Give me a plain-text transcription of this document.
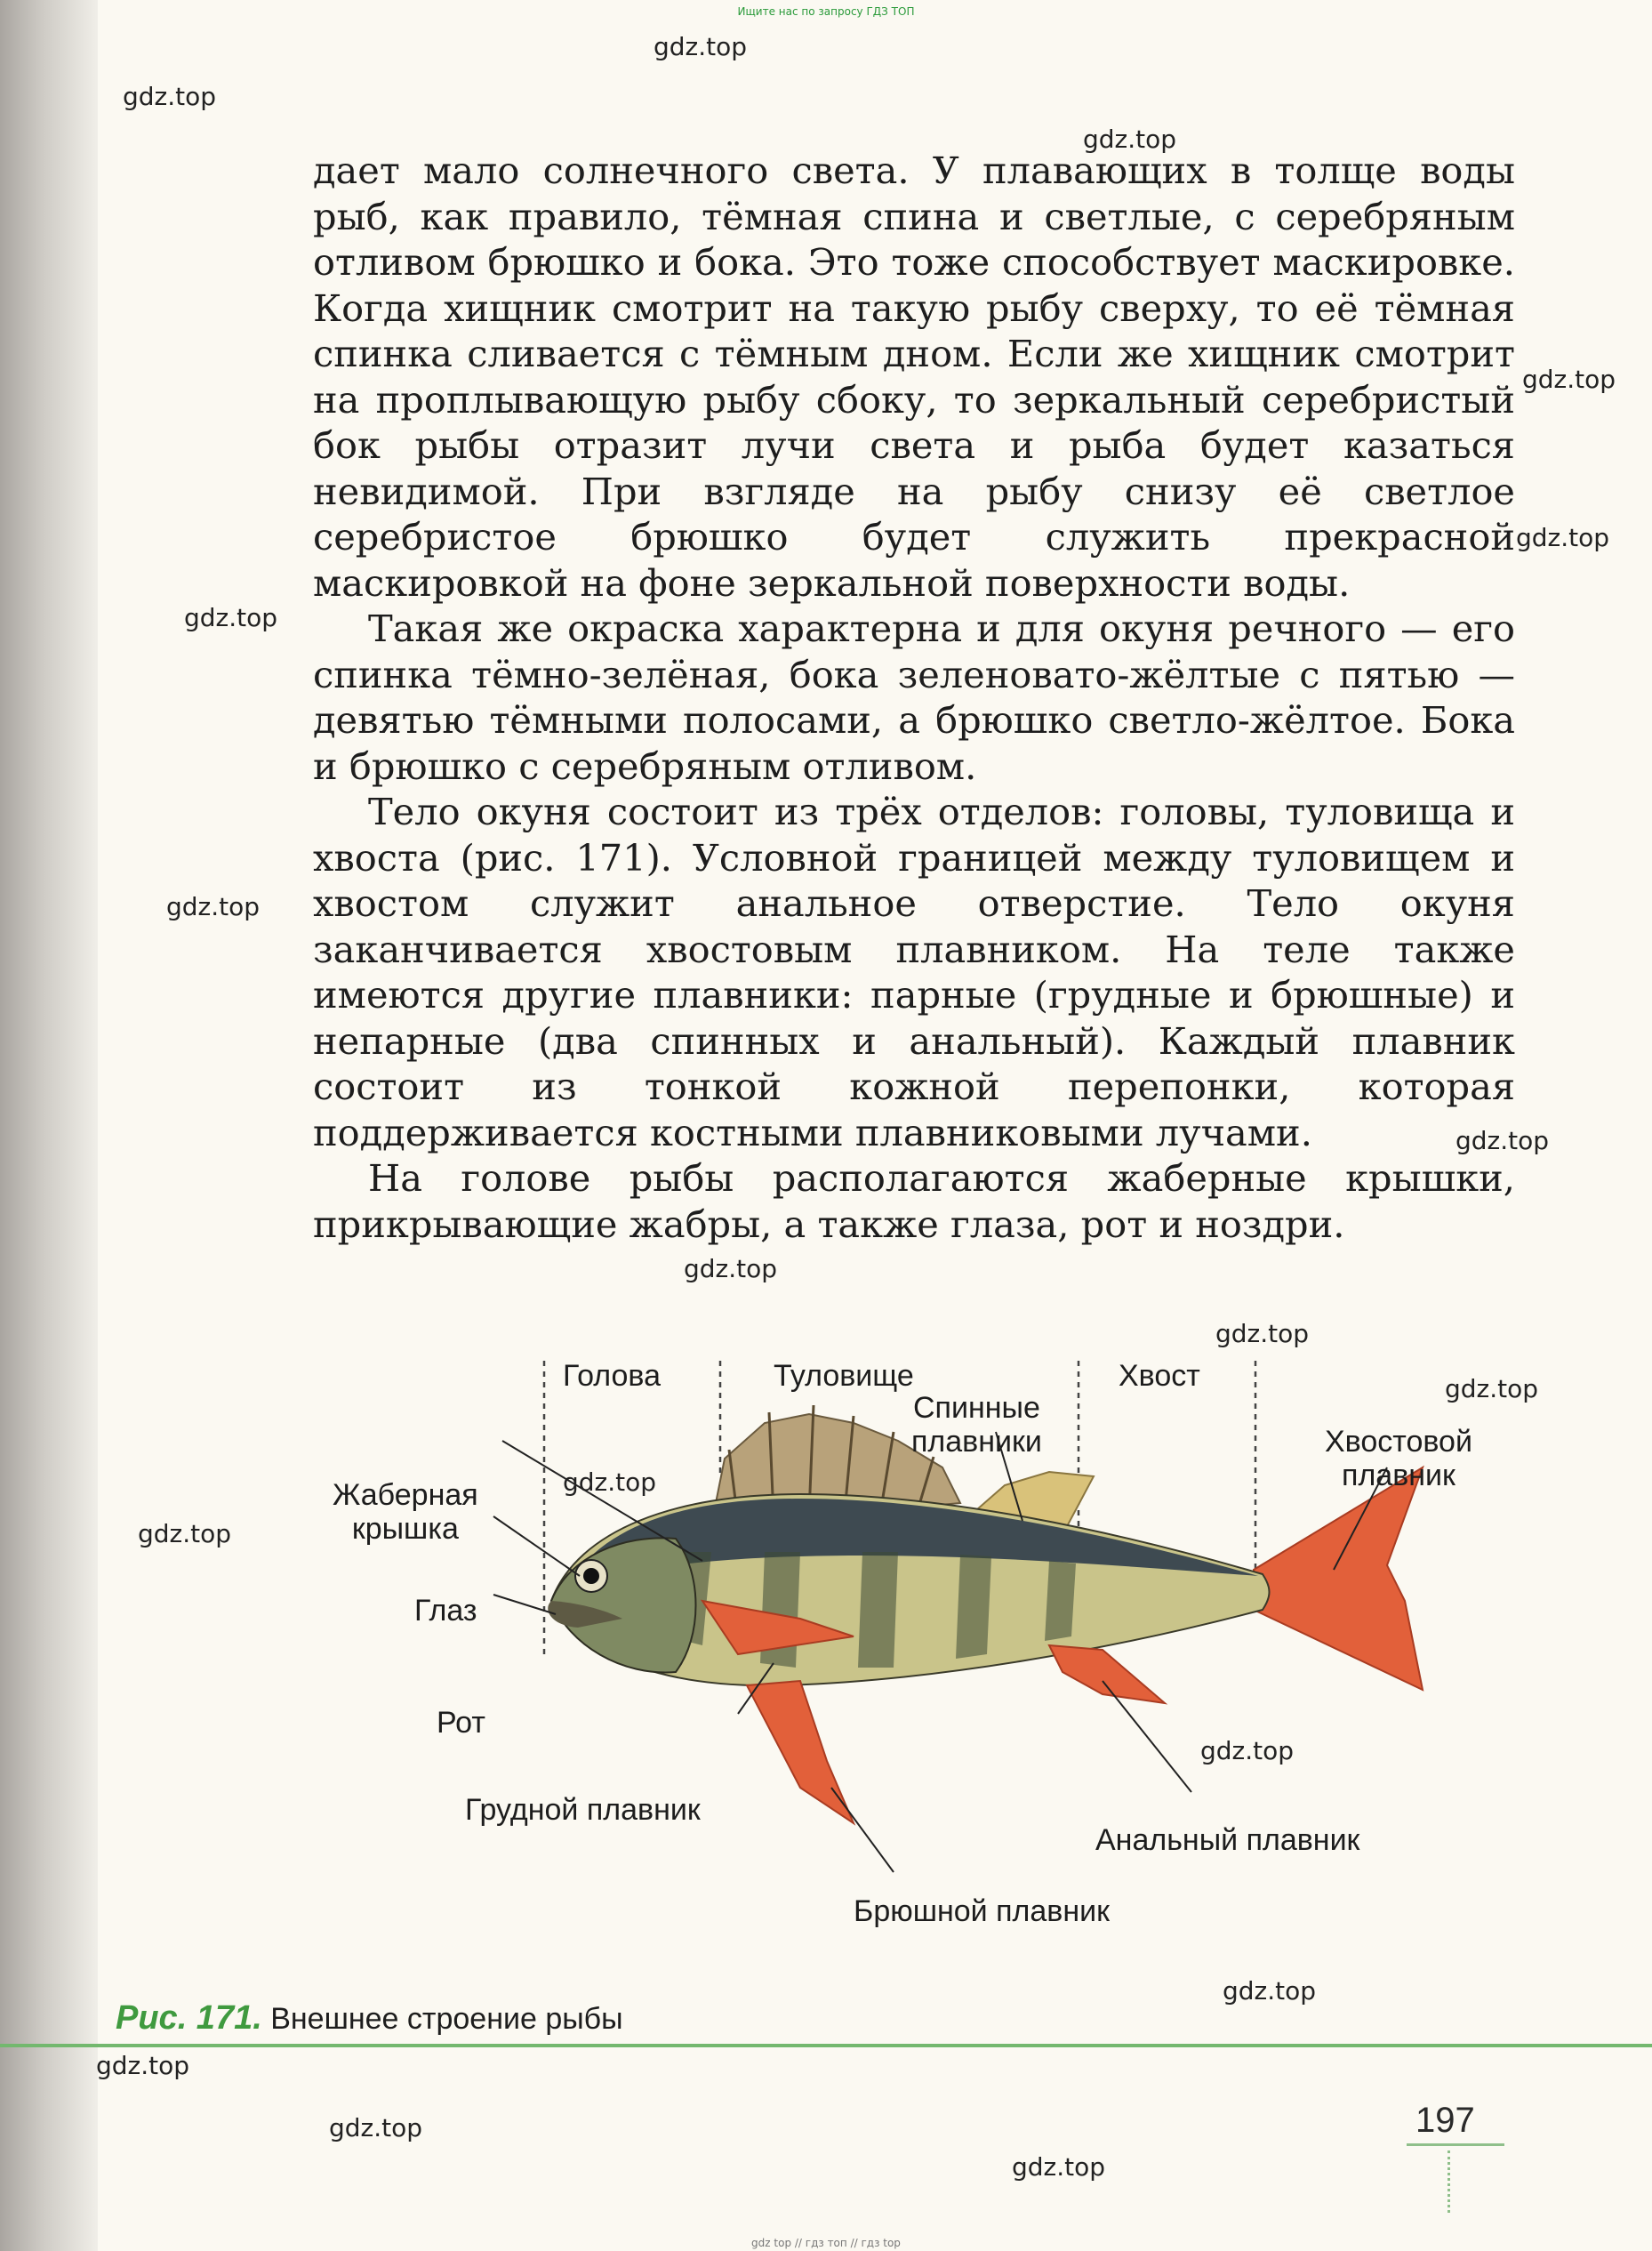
Ищите нас по запросу ГДЗ ТОП
gdz.top
gdz.top
gdz.top
gdz.top
gdz.top
gdz.top
gdz.top
gdz.top
gdz.top
gdz.top
gdz.top
gdz.top
gdz.top
gdz.top
gdz.top
gdz.top
gdz.top
gdz.top

дает мало солнечного света. У плавающих в толще воды рыб, как правило, тёмная спина и светлые, с серебряным отливом брюшко и бока. Это тоже способствует маскировке. Когда хищник смотрит на такую рыбу сверху, то её тёмная спинка сливается с тёмным дном. Если же хищник смотрит на проплывающую рыбу сбоку, то зеркальный серебристый бок рыбы отразит лучи света и рыба будет казаться невидимой. При взгляде на рыбу снизу её светлое серебристое брюшко будет служить прекрасной маскировкой на фоне зеркальной поверхности воды.

Такая же окраска характерна и для окуня речного — его спинка тёмно-зелёная, бока зеленовато-жёлтые с пятью — девятью тёмными полосами, а брюшко светло-жёлтое. Бока и брюшко с серебряным отливом.

Тело окуня состоит из трёх отделов: головы, туловища и хвоста (рис. 171). Условной границей между туловищем и хвостом служит анальное отверстие. Тело окуня заканчивается хвостовым плавником. На теле также имеются другие плавники: парные (грудные и брюшные) и непарные (два спинных и анальный). Каждый плавник состоит из тонкой кожной перепонки, которая поддерживается костными плавниковыми лучами.

На голове рыбы располагаются жаберные крышки, прикрывающие жабры, а также глаза, рот и ноздри.

Голова	Туловище	Хвост
Спинные
плавники	Хвостовой
плавник
Жаберная
крышка
Глаз
Рот
Грудной плавник
Анальный плавник
Брюшной плавник
Рис. 171. Внешнее строение рыбы
197
gdz top // гдз топ // гдз top
